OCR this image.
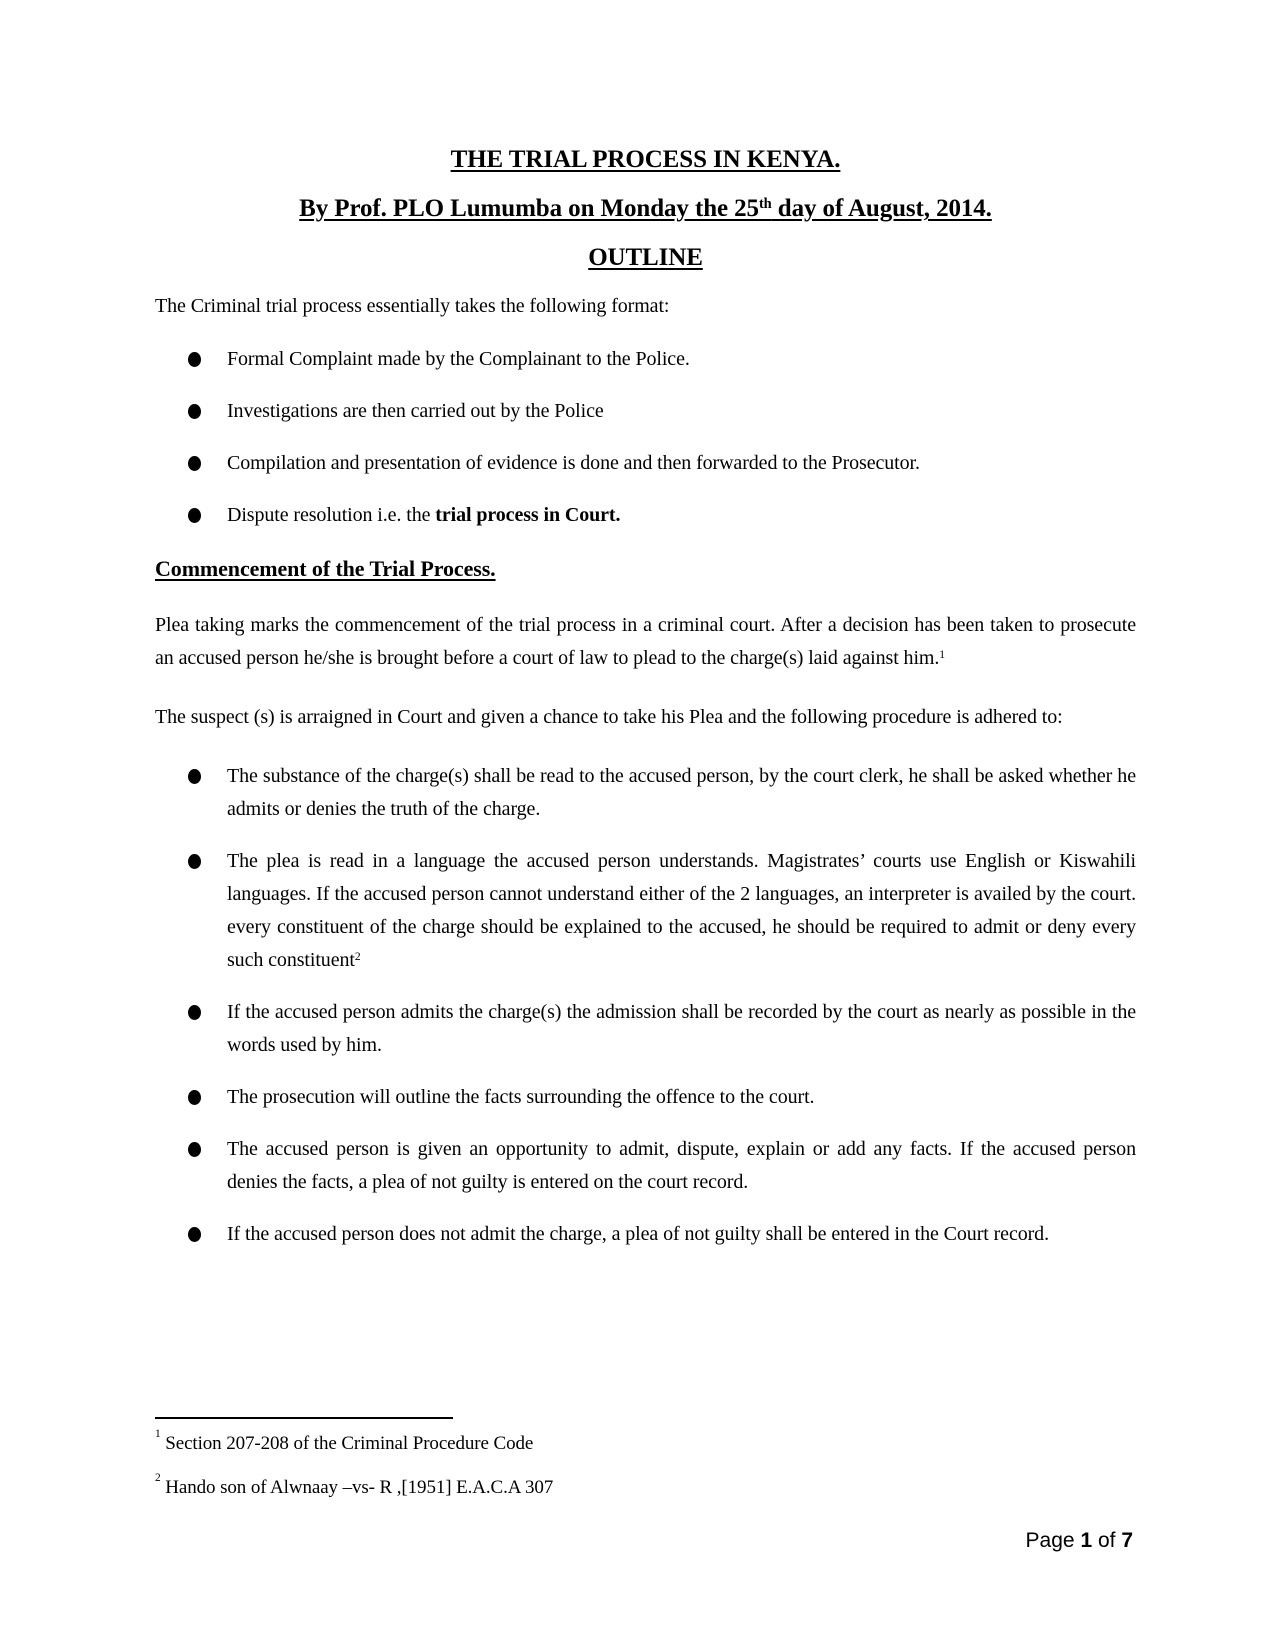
THE TRIAL PROCESS IN KENYA.
By Prof. PLO Lumumba on Monday the 25th day of August, 2014.
OUTLINE

The Criminal trial process essentially takes the following format:

Formal Complaint made by the Complainant to the Police.
Investigations are then carried out by the Police
Compilation and presentation of evidence is done and then forwarded to the Prosecutor.
Dispute resolution i.e. the trial process in Court.
Commencement of the Trial Process.

Plea taking marks the commencement of the trial process in a criminal court. After a decision has been taken to prosecute an accused person he/she is brought before a court of law to plead to the charge(s) laid against him.$^1$

The suspect (s) is arraigned in Court and given a chance to take his Plea and the following procedure is adhered to:

The substance of the charge(s) shall be read to the accused person, by the court clerk, he shall be asked whether he admits or denies the truth of the charge.
The plea is read in a language the accused person understands. Magistrates’ courts use English or Kiswahili languages. If the accused person cannot understand either of the 2 languages, an interpreter is availed by the court. every constituent of the charge should be explained to the accused, he should be required to admit or deny every such constituent$^2$
If the accused person admits the charge(s) the admission shall be recorded by the court as nearly as possible in the words used by him.
The prosecution will outline the facts surrounding the offence to the court.
The accused person is given an opportunity to admit, dispute, explain or add any facts. If the accused person denies the facts, a plea of not guilty is entered on the court record.
If the accused person does not admit the charge, a plea of not guilty shall be entered in the Court record.

$^1$ Section 207-208 of the Criminal Procedure Code

$^2$ Hando son of Alwnaay –vs- R ,[1951] E.A.C.A 307

Page 1 of 7
